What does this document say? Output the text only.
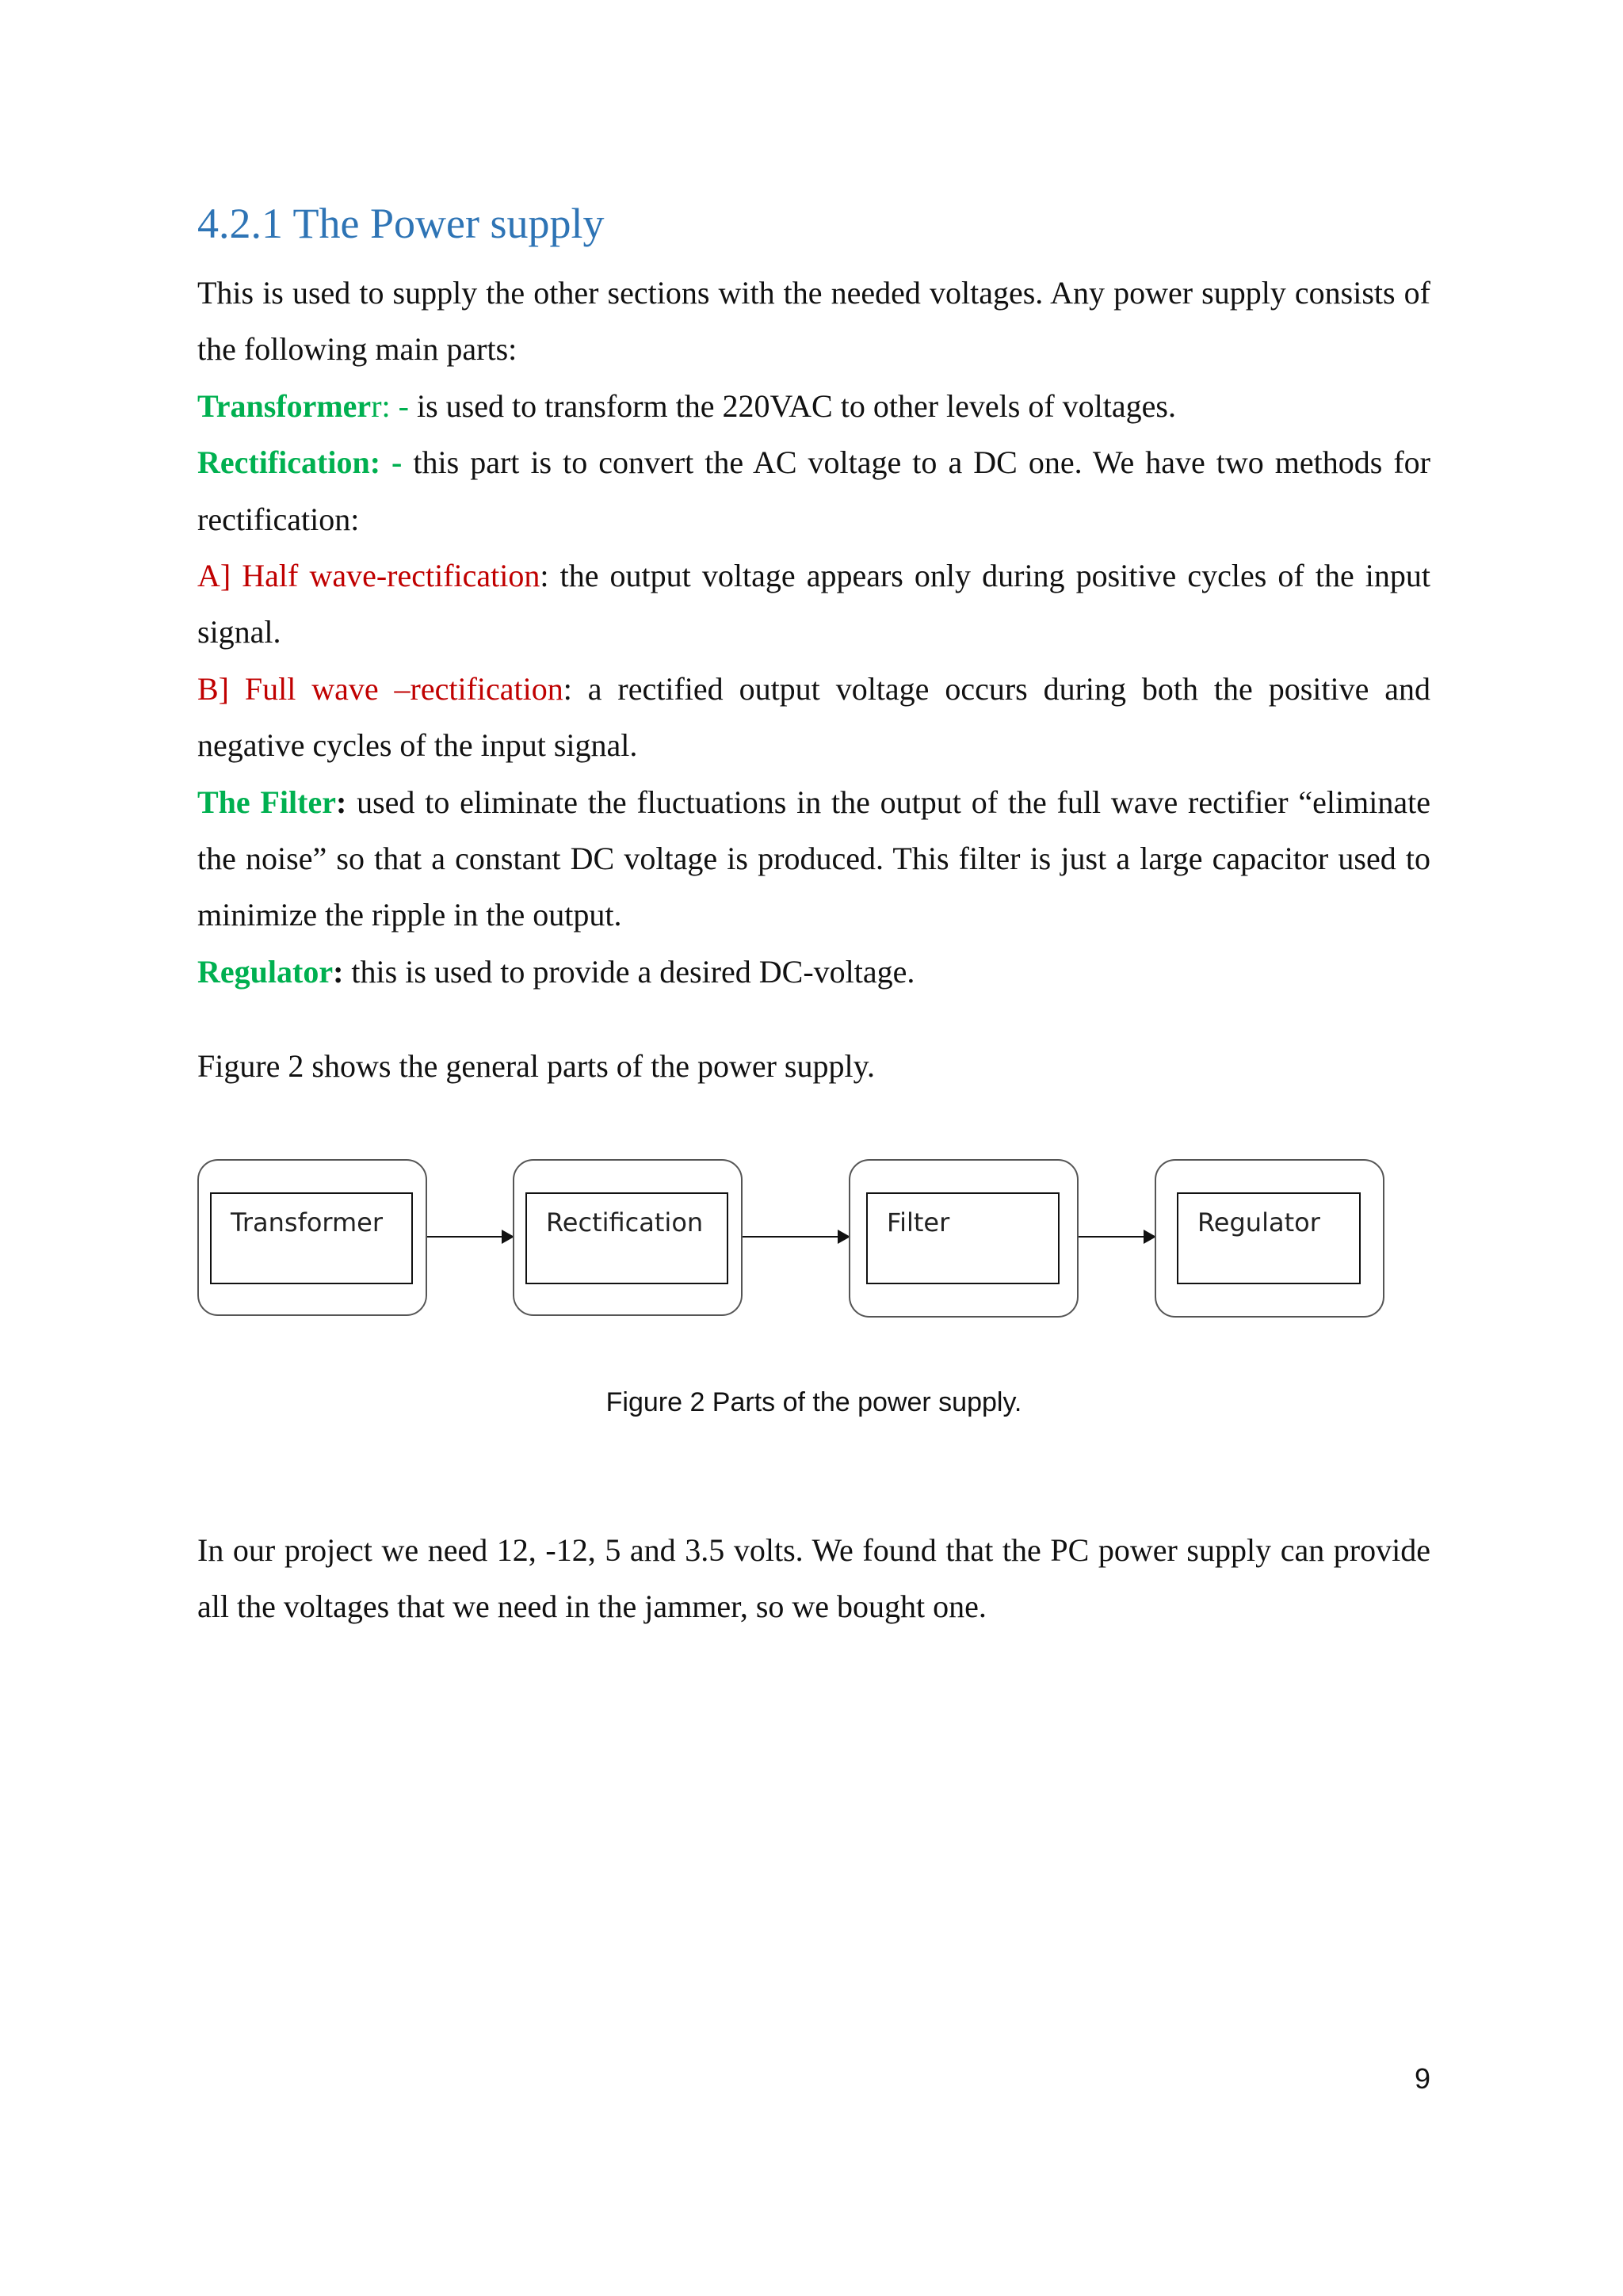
4.2.1 The Power supply

This is used to supply the other sections with the needed voltages. Any power supply consists of the following main parts:

Transformerr: - is used to transform the 220VAC to other levels of voltages.

Rectification: - this part is to convert the AC voltage to a DC one. We have two methods for rectification:

A] Half wave-rectification: the output voltage appears only during positive cycles of the input signal.

B] Full wave –rectification: a rectified output voltage occurs during both the positive and negative cycles of the input signal.

The Filter: used to eliminate the fluctuations in the output of the full wave rectifier “eliminate the noise” so that a constant DC voltage is produced. This filter is just a large capacitor used to minimize the ripple in the output.

Regulator: this is used to provide a desired DC-voltage.

Figure 2 shows the general parts of the power supply.

Transformer	Rectification	Filter	Regulator

Figure 2 Parts of the power supply.

In our project we need 12, -12, 5 and 3.5 volts. We found that the PC power supply can provide all the voltages that we need in the jammer, so we bought one.

9
